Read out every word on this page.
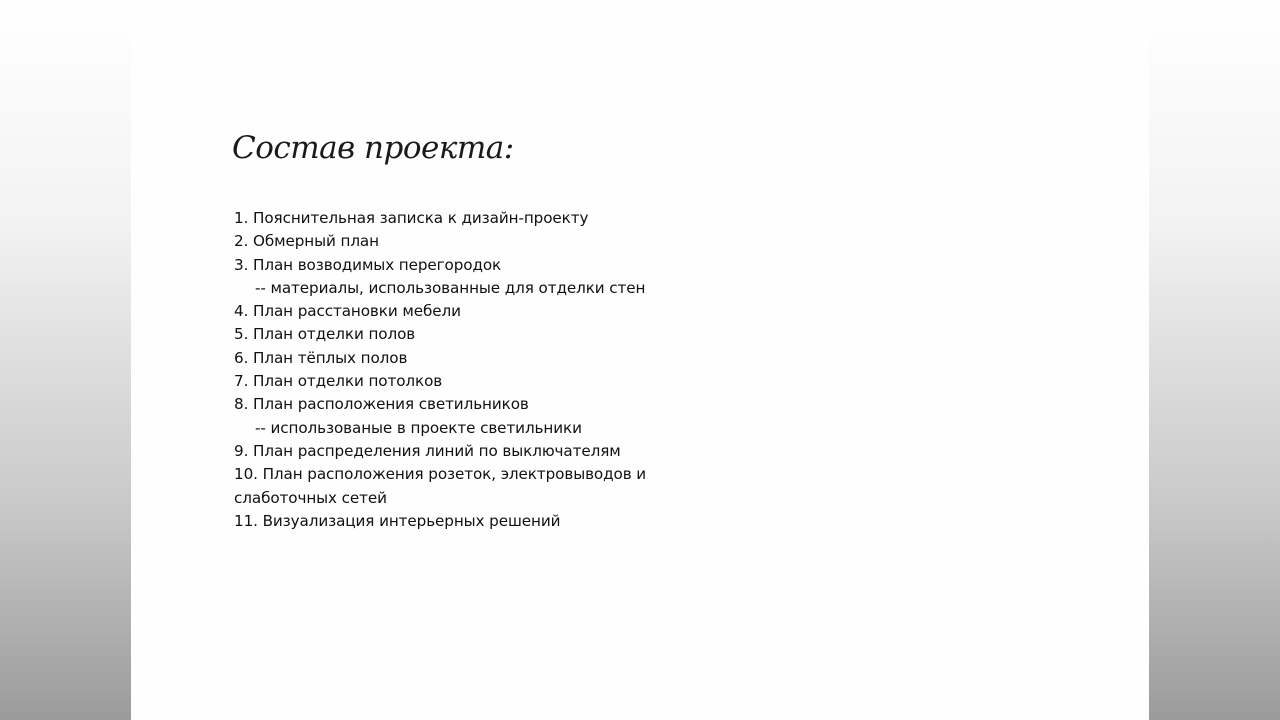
Состав проекта:
1. Пояснительная записка к дизайн-проекту
2. Обмерный план
3. План возводимых перегородок
-- материалы, использованные для отделки стен
4. План расстановки мебели
5. План отделки полов
6. План тёплых полов
7. План отделки потолков
8. План расположения светильников
-- использованые в проекте светильники
9. План распределения линий по выключателям
10. План расположения розеток, электровыводов и слаботочных сетей
11. Визуализация интерьерных решений
